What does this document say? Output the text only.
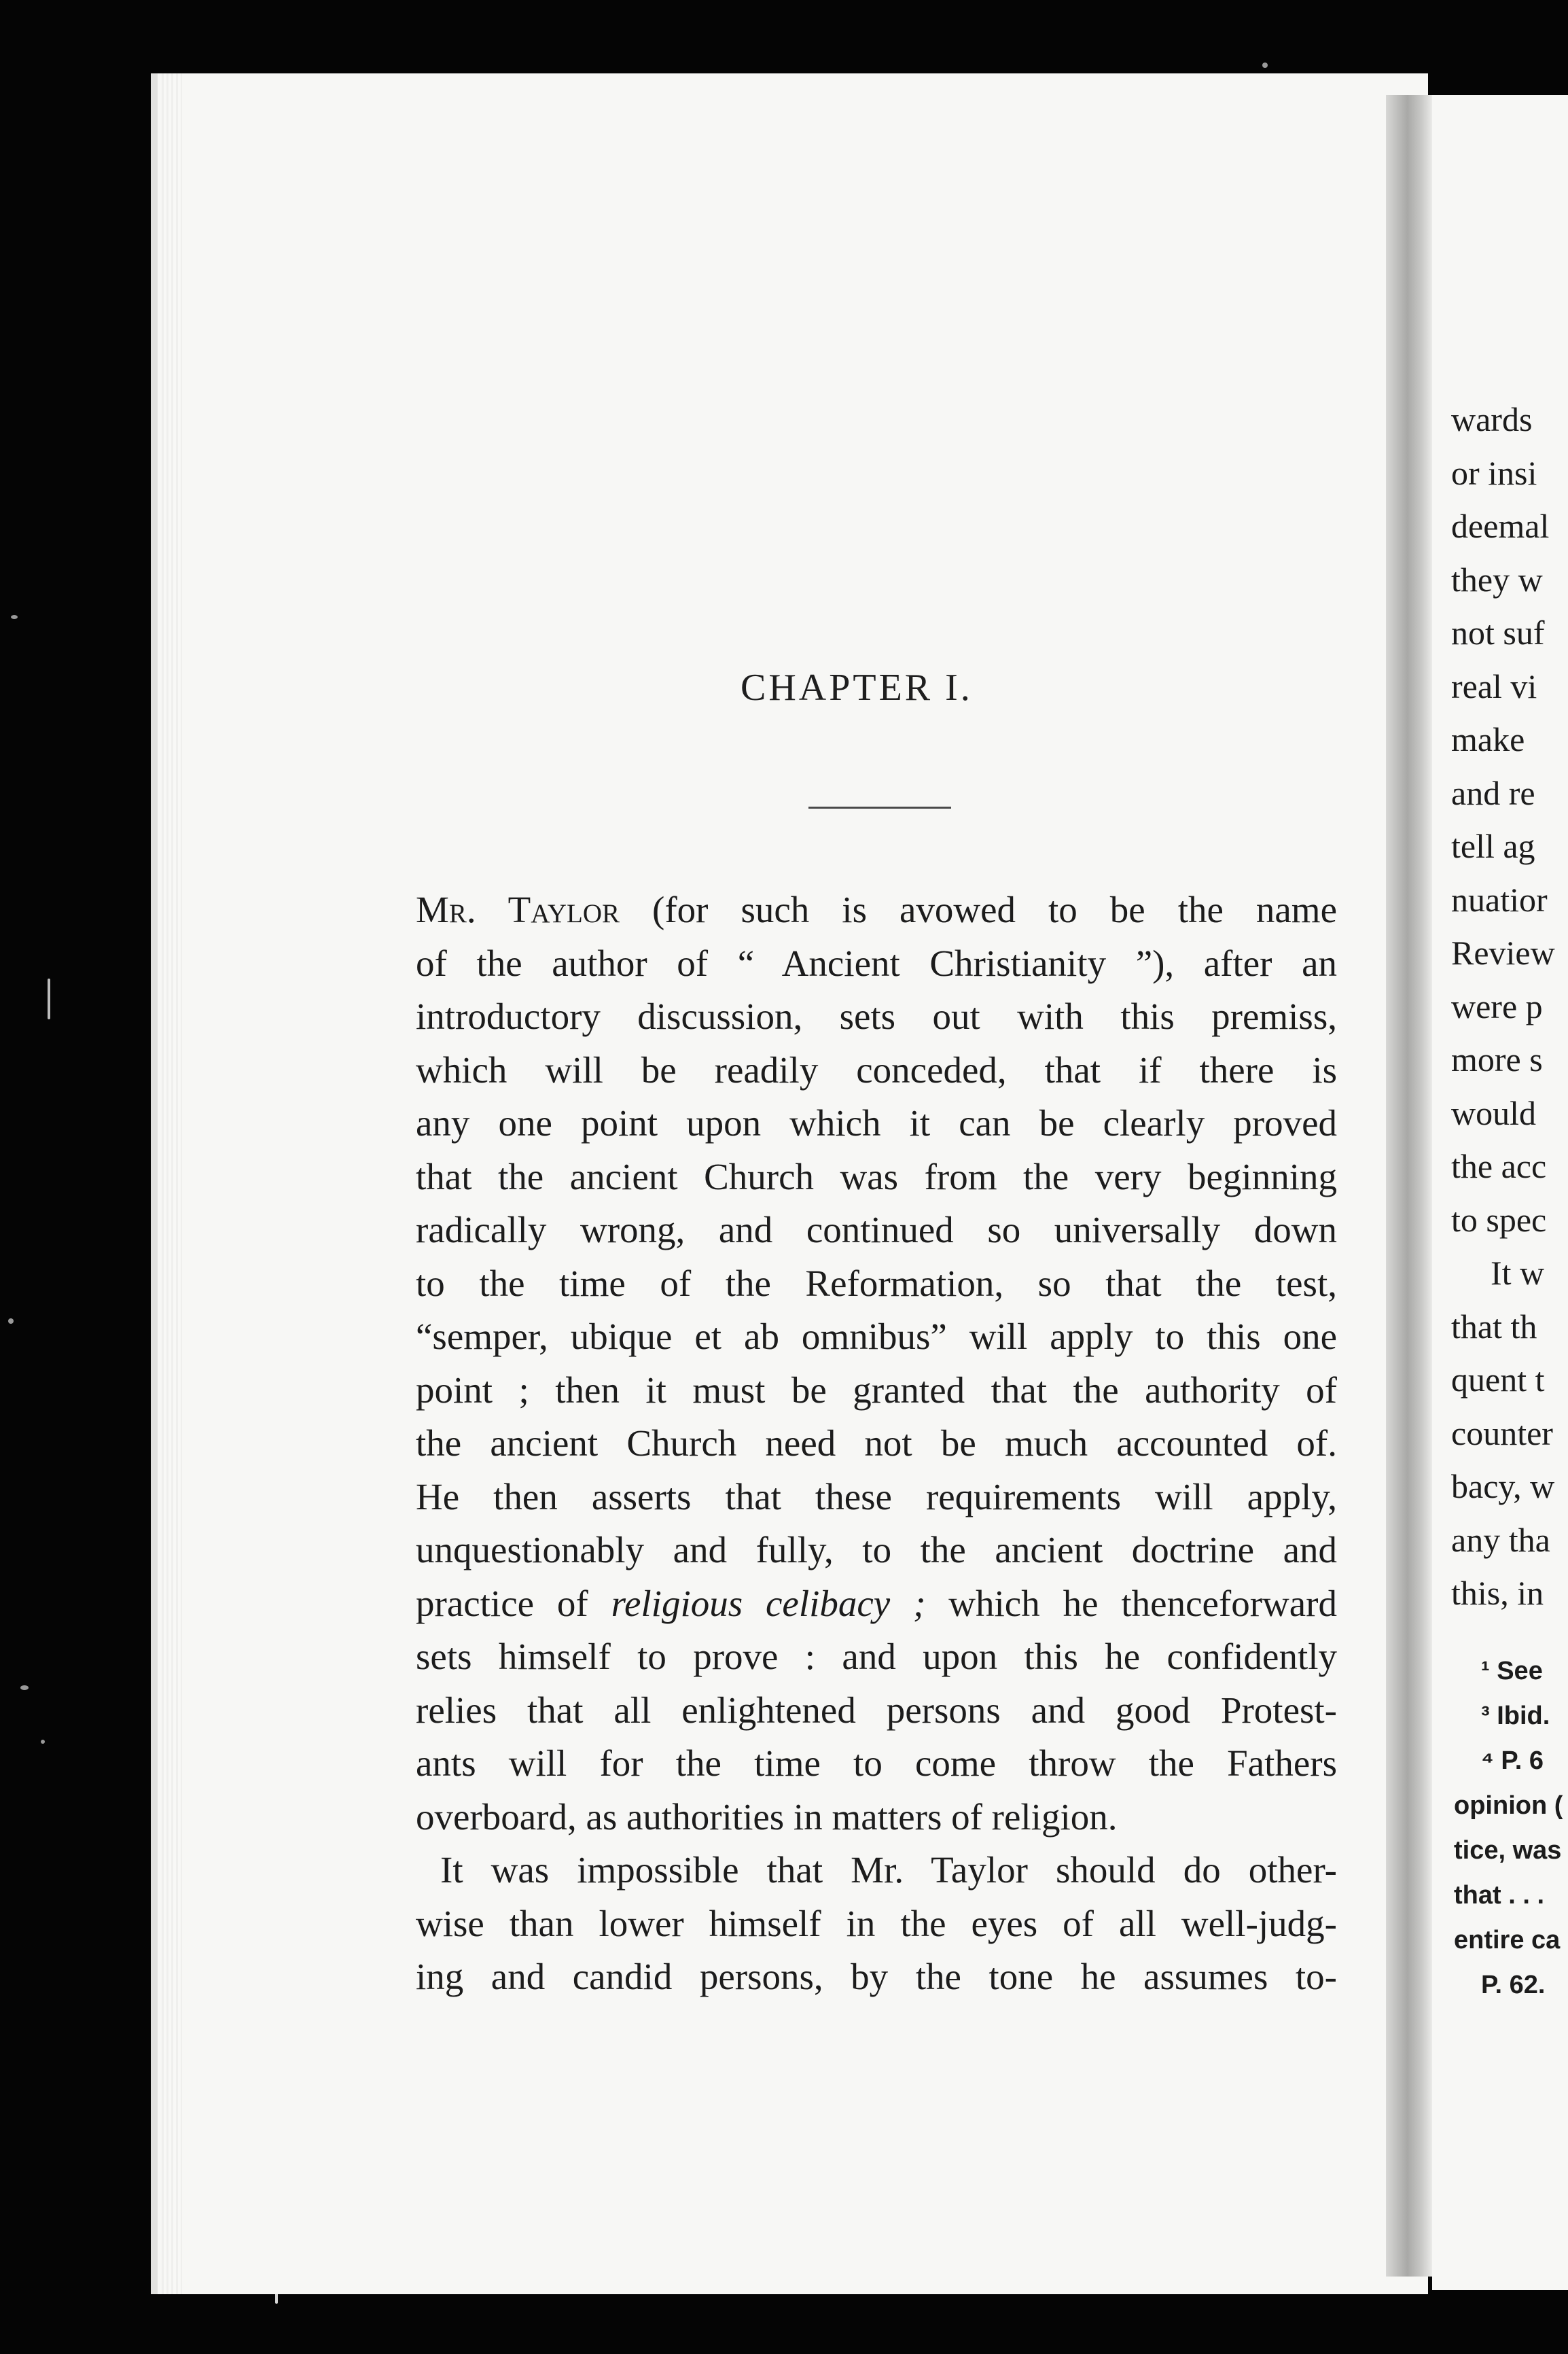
CHAPTER I.
Mr. Taylor (for such is avowed to be the name
of the author of “ Ancient Christianity ”), after an
introductory discussion, sets out with this premiss,
which will be readily conceded, that if there is
any one point upon which it can be clearly proved
that the ancient Church was from the very beginning
radically wrong, and continued so universally down
to the time of the Reformation, so that the test,
“semper, ubique et ab omnibus” will apply to this one
point ; then it must be granted that the authority of
the ancient Church need not be much accounted of.
He then asserts that these requirements will apply,
unquestionably and fully, to the ancient doctrine and
practice of religious celibacy ; which he thenceforward
sets himself to prove : and upon this he confidently
relies that all enlightened persons and good Protest-
ants will for the time to come throw the Fathers
overboard, as authorities in matters of religion.
It was impossible that Mr. Taylor should do other-
wise than lower himself in the eyes of all well-judg-
ing and candid persons, by the tone he assumes to-
wards
or insi
deemal
they w
not suf
real vi
make
and re
tell ag
nuatior
Review
were p
more s
would
the acc
to spec
It w
that th
quent t
counter
bacy, w
any tha
this, in
¹ See
³ Ibid.
⁴ P. 6
opinion (
tice, was
that . . .
entire ca
P. 62.
